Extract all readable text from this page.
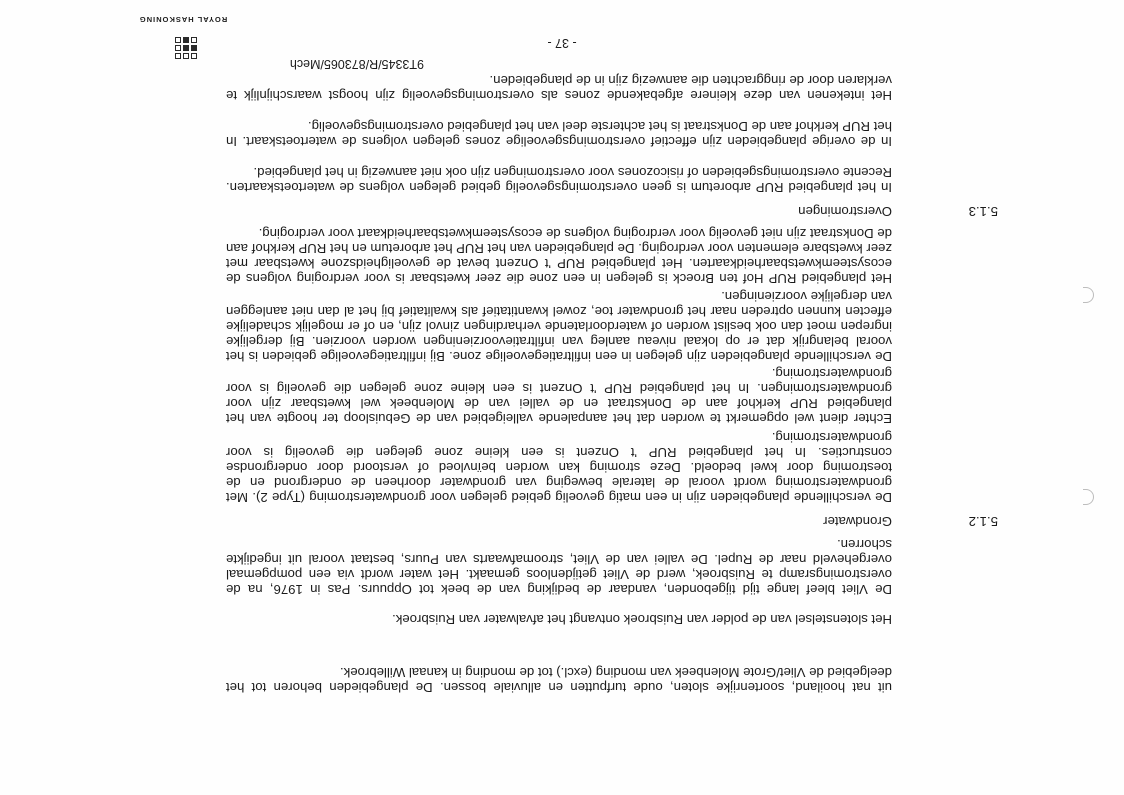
ROYAL HASKONING

uit nat hooiland, soortenrijke sloten, oude turfputten en alluviale bossen. De plangebieden behoren tot het deelgebied de Vliet/Grote Molenbeek van monding (excl.) tot de monding in kanaal Willebroek.

Het slotenstelsel van de polder van Ruisbroek ontvangt het afvalwater van Ruisbroek.

De Vliet bleef lange tijd tijgebonden, vandaar de bedijking van de beek tot Oppuurs. Pas in 1976, na de overstromingsramp te Ruisbroek, werd de Vliet getijdenloos gemaakt. Het water wordt via een pompgemaal overgeheveld naar de Rupel. De vallei van de Vliet, stroomafwaarts van Puurs, bestaat vooral uit ingedijkte schorren.

5.1.2
Grondwater

De verschillende plangebieden zijn in een matig gevoelig gebied gelegen voor grondwaterstroming (Type 2). Met grondwaterstroming wordt vooral de laterale beweging van grondwater doorheen de ondergrond en de toestroming door kwel bedoeld. Deze stroming kan worden beïnvloed of verstoord door ondergrondse constructies. In het plangebied RUP 't Onzent is een kleine zone gelegen die gevoelig is voor grondwaterstroming.

Echter dient wel opgemerkt te worden dat het aanpalende valleigebied van de Gebuisloop ter hoogte van het plangebied RUP kerkhof aan de Donkstraat en de vallei van de Molenbeek wel kwetsbaar zijn voor grondwaterstromingen. In het plangebied RUP 't Onzent is een kleine zone gelegen die gevoelig is voor grondwaterstroming.

De verschillende plangebieden zijn gelegen in een infiltratiegevoelige zone. Bij infiltratiegevoelige gebieden is het vooral belangrijk dat er op lokaal niveau aanleg van infiltratievoorzieningen worden voorzien. Bij dergelijke ingrepen moet dan ook beslist worden of waterdoorlatende verhardingen zinvol zijn, en of er mogelijk schadelijke effecten kunnen optreden naar het grondwater toe, zowel kwantitatief als kwalitatief bij het al dan niet aanleggen van dergelijke voorzieningen.

Het plangebied RUP Hof ten Broeck is gelegen in een zone die zeer kwetsbaar is voor verdroging volgens de ecosysteemkwetsbaarheidkaarten. Het plangebied RUP 't Onzent bevat de gevoeligheidszone kwetsbaar met zeer kwetsbare elementen voor verdroging. De plangebieden van het RUP het arboretum en het RUP kerkhof aan de Donkstraat zijn niet gevoelig voor verdroging volgens de ecosysteemkwetsbaarheidkaart voor verdroging.

5.1.3
Overstromingen

In het plangebied RUP arboretum is geen overstromingsgevoelig gebied gelegen volgens de watertoetskaarten. Recente overstromingsgebieden of risicozones voor overstromingen zijn ook niet aanwezig in het plangebied.

In de overige plangebieden zijn effectief overstromingsgevoelige zones gelegen volgens de watertoetskaart. In het RUP kerkhof aan de Donkstraat is het achterste deel van het plangebied overstromingsgevoelig.

Het intekenen van deze kleinere afgebakende zones als overstromingsgevoelig zijn hoogst waarschijnlijk te verklaren door de ringgrachten die aanwezig zijn in de plangebieden.

9T3345/R/873065/Mech
- 37 -
